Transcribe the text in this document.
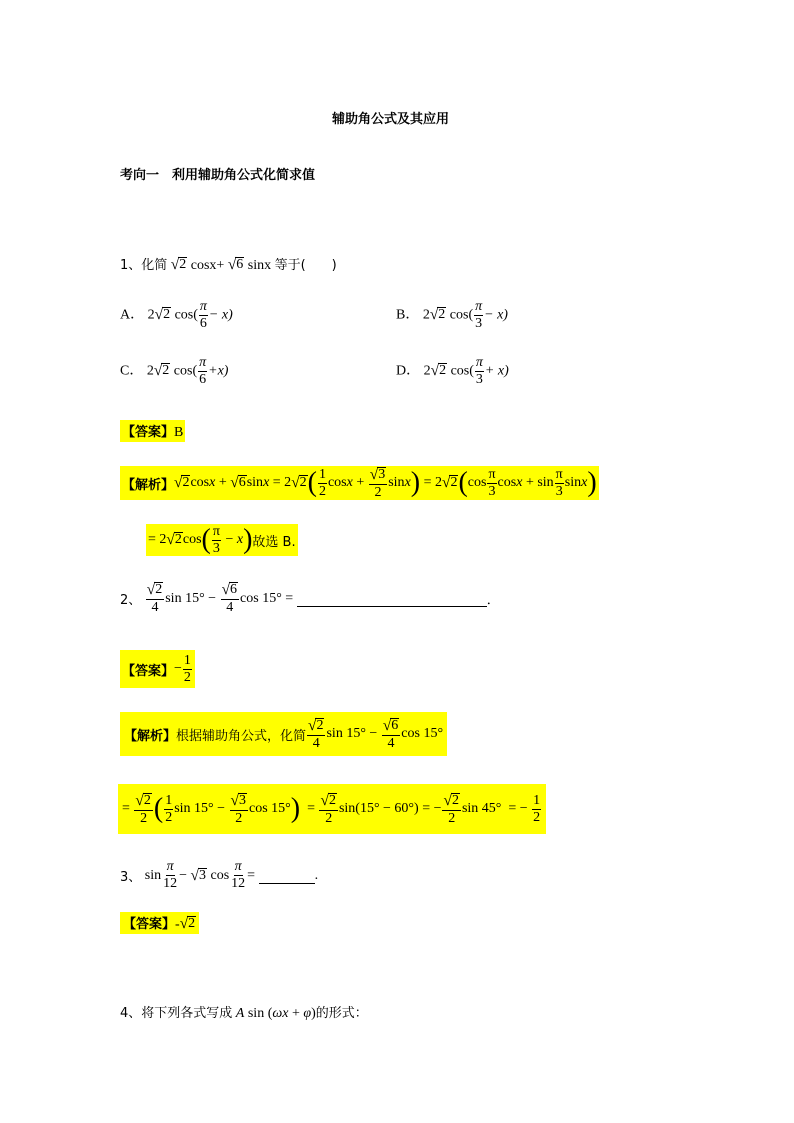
辅助角公式及其应用
考向一　利用辅助角公式化简求值
1、化简 √ 2 cosx+ √ 6 sinx 等于(　　)
A． 2 √ 2 $\cos( \frac{\pi}{6} - x)$	B． 2 √ 2 $\cos( \frac{\pi}{3} - x)$
C． 2 √ 2 $\cos( \frac{\pi}{6} +x)$	D． 2 √ 2 $\cos( \frac{\pi}{3} + x)$
【答案】B
【解析】 √ 2 cos x + √ 6 sin x = 2 √ 2 ( $\frac{1}{2}$ $\cos x + \frac{√ 3}{2}$ sin x ) = 2 √ 2 ( $\cos \frac{\pi}{3}$ $\cos x + \sin \frac{\pi}{3}$ sin x )
= 2 √ 2 cos ( $\frac{\pi}{3} - x$ ) 故选 B.
2、
$\frac{√ 2}{4}$ $\sin 15^\circ - \frac{√ 6}{4}$ cos 15° =
	．
【答案】 − $\frac{1}{2}$
【解析】 根据辅助角公式，化简 $\frac{√ 2}{4}$ $\sin 15^\circ - \frac{√ 6}{4}$ cos 15°
= $\frac{√ 2}{2}$ ( $\frac{1}{2}$ $\sin 15^\circ - \frac{√ 3}{2}$ cos 15° ) = $\frac{√ 2}{2} \sin(15^\circ - 60^\circ)$ = − $\frac{√ 2}{2}$ sin 45°  = − $\frac{1}{2}$
3、 $\sin \frac{\pi}{12}$ − √ 3 $\cos \frac{\pi}{12}$ =
	.
【答案】- √ 2
4、将下列各式写成 A sin (ωx + φ)的形式：
